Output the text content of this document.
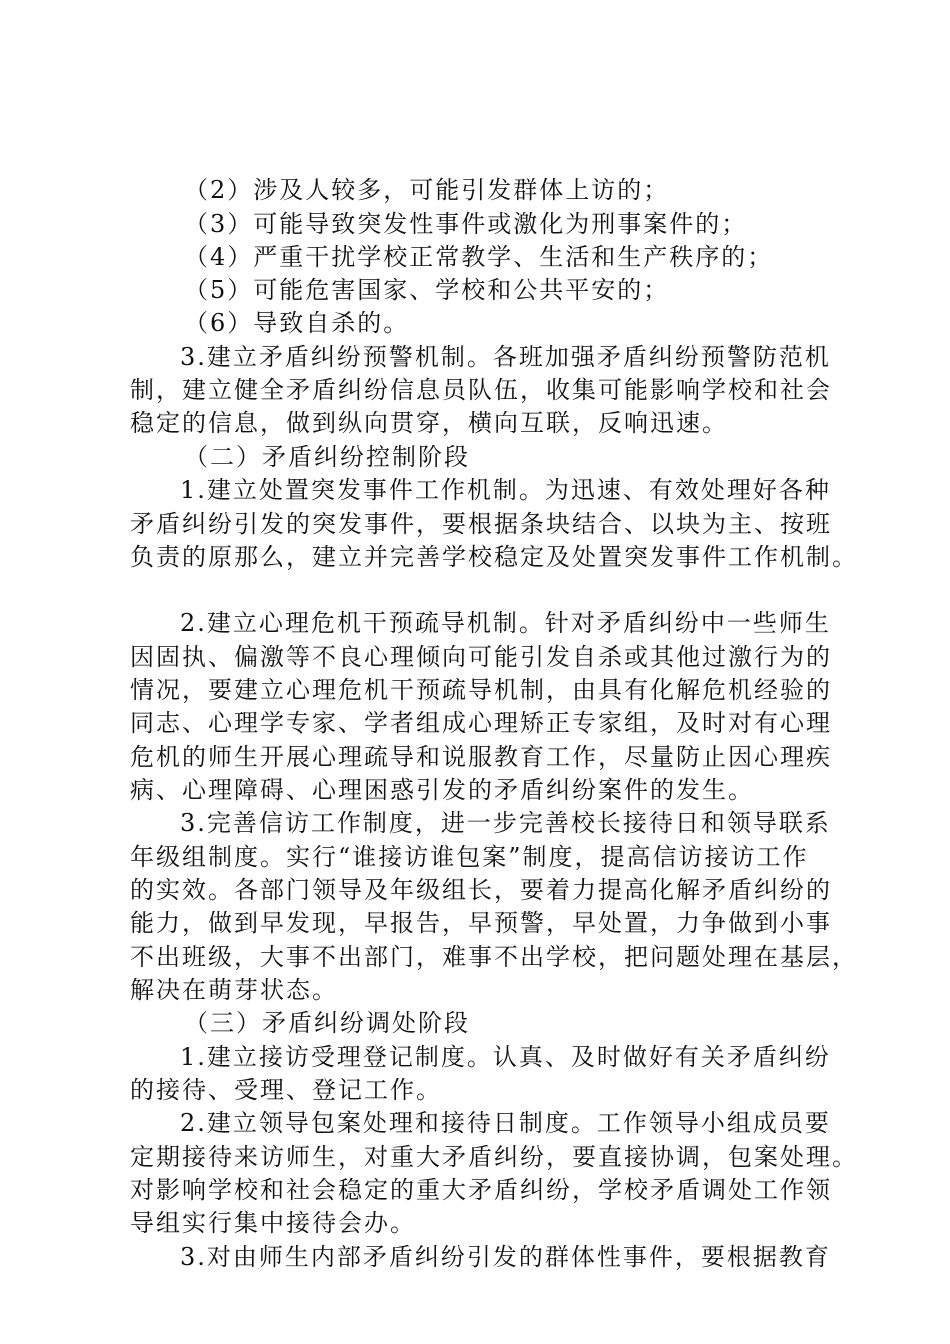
（2）涉及人较多，可能引发群体上访的；
（3）可能导致突发性事件或激化为刑事案件的；
（4）严重干扰学校正常教学、生活和生产秩序的；
（5）可能危害国家、学校和公共平安的；
（6）导致自杀的。
3.建立矛盾纠纷预警机制。各班加强矛盾纠纷预警防范机
制，建立健全矛盾纠纷信息员队伍，收集可能影响学校和社会
稳定的信息，做到纵向贯穿，横向互联，反响迅速。
（二）矛盾纠纷控制阶段
1.建立处置突发事件工作机制。为迅速、有效处理好各种
矛盾纠纷引发的突发事件，要根据条块结合、以块为主、按班
负责的原那么，建立并完善学校稳定及处置突发事件工作机制。
2.建立心理危机干预疏导机制。针对矛盾纠纷中一些师生
因固执、偏激等不良心理倾向可能引发自杀或其他过激行为的
情况，要建立心理危机干预疏导机制，由具有化解危机经验的
同志、心理学专家、学者组成心理矫正专家组，及时对有心理
危机的师生开展心理疏导和说服教育工作，尽量防止因心理疾
病、心理障碍、心理困惑引发的矛盾纠纷案件的发生。
3.完善信访工作制度，进一步完善校长接待日和领导联系
年级组制度。实行“谁接访谁包案”制度，提高信访接访工作
的实效。各部门领导及年级组长，要着力提高化解矛盾纠纷的
能力，做到早发现，早报告，早预警，早处置，力争做到小事
不出班级，大事不出部门，难事不出学校，把问题处理在基层，
解决在萌芽状态。
（三）矛盾纠纷调处阶段
1.建立接访受理登记制度。认真、及时做好有关矛盾纠纷
的接待、受理、登记工作。
2.建立领导包案处理和接待日制度。工作领导小组成员要
定期接待来访师生，对重大矛盾纠纷，要直接协调，包案处理。
对影响学校和社会稳定的重大矛盾纠纷，学校矛盾调处工作领
导组实行集中接待会办。
3.对由师生内部矛盾纠纷引发的群体性事件，要根据教育
